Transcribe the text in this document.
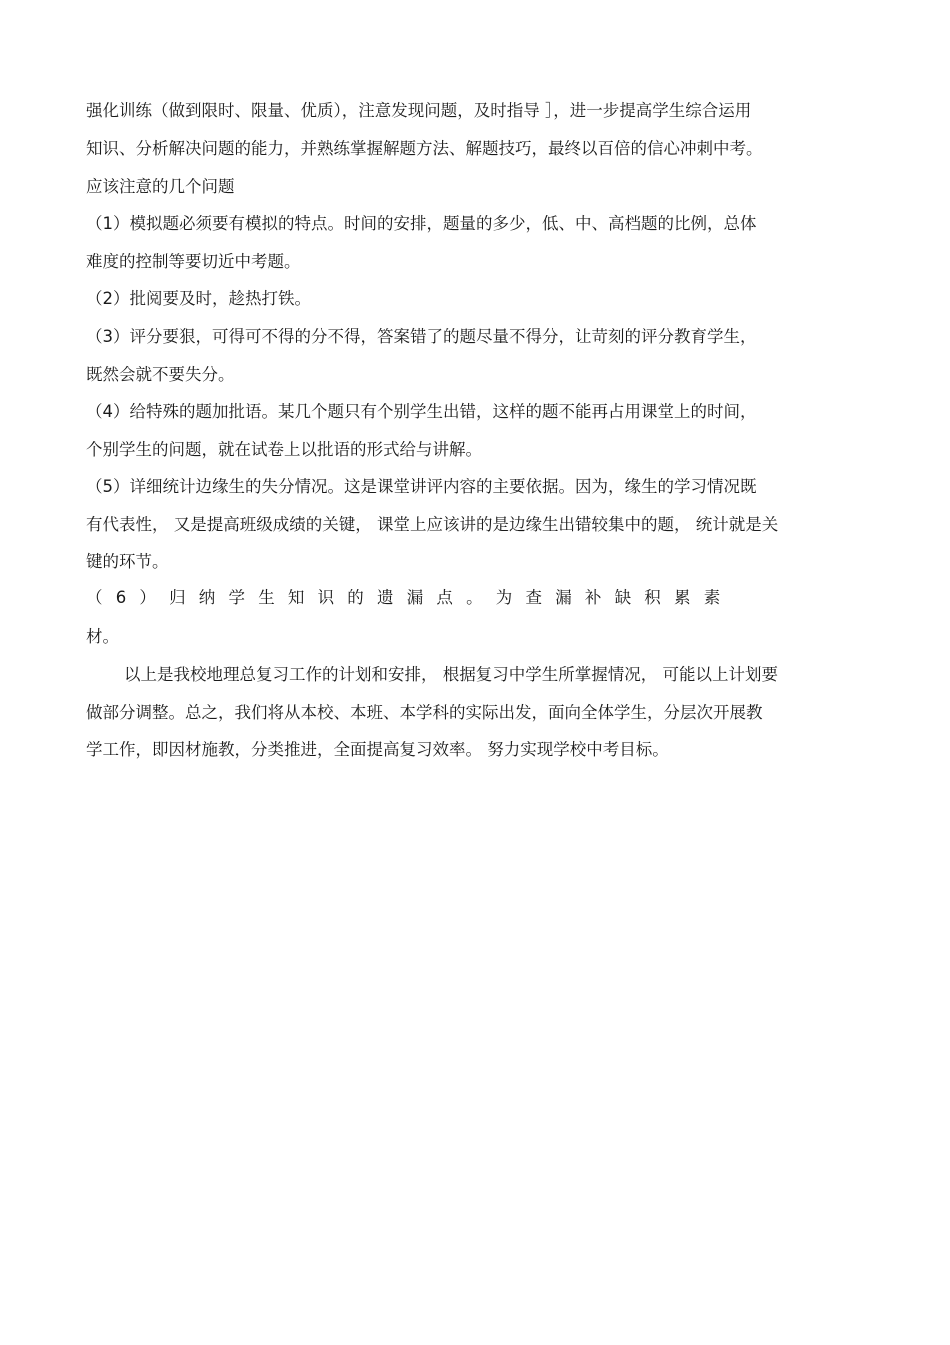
强化训练（做到限时、限量、优质），注意发现问题，及时指导 ］，进一步提高学生综合运用
知识、分析解决问题的能力，并熟练掌握解题方法、解题技巧，最终以百倍的信心冲刺中考。
应该注意的几个问题
（1）模拟题必须要有模拟的特点。时间的安排，题量的多少，低、中、高档题的比例，总体
难度的控制等要切近中考题。
（2）批阅要及时，趁热打铁。
（3）评分要狠，可得可不得的分不得，答案错了的题尽量不得分，让苛刻的评分教育学生，
既然会就不要失分。
（4）给特殊的题加批语。某几个题只有个别学生出错，这样的题不能再占用课堂上的时间，
个别学生的问题，就在试卷上以批语的形式给与讲解。
（5）详细统计边缘生的失分情况。这是课堂讲评内容的主要依据。因为，缘生的学习情况既
有代表性， 又是提高班级成绩的关键， 课堂上应该讲的是边缘生出错较集中的题， 统计就是关
键的环节。
（6）归纳学生知识的遗漏点。为查漏补缺积累素
材。
以上是我校地理总复习工作的计划和安排， 根据复习中学生所掌握情况， 可能以上计划要
做部分调整。总之，我们将从本校、本班、本学科的实际出发，面向全体学生，分层次开展教
学工作，即因材施教，分类推进，全面提高复习效率。 努力实现学校中考目标。
